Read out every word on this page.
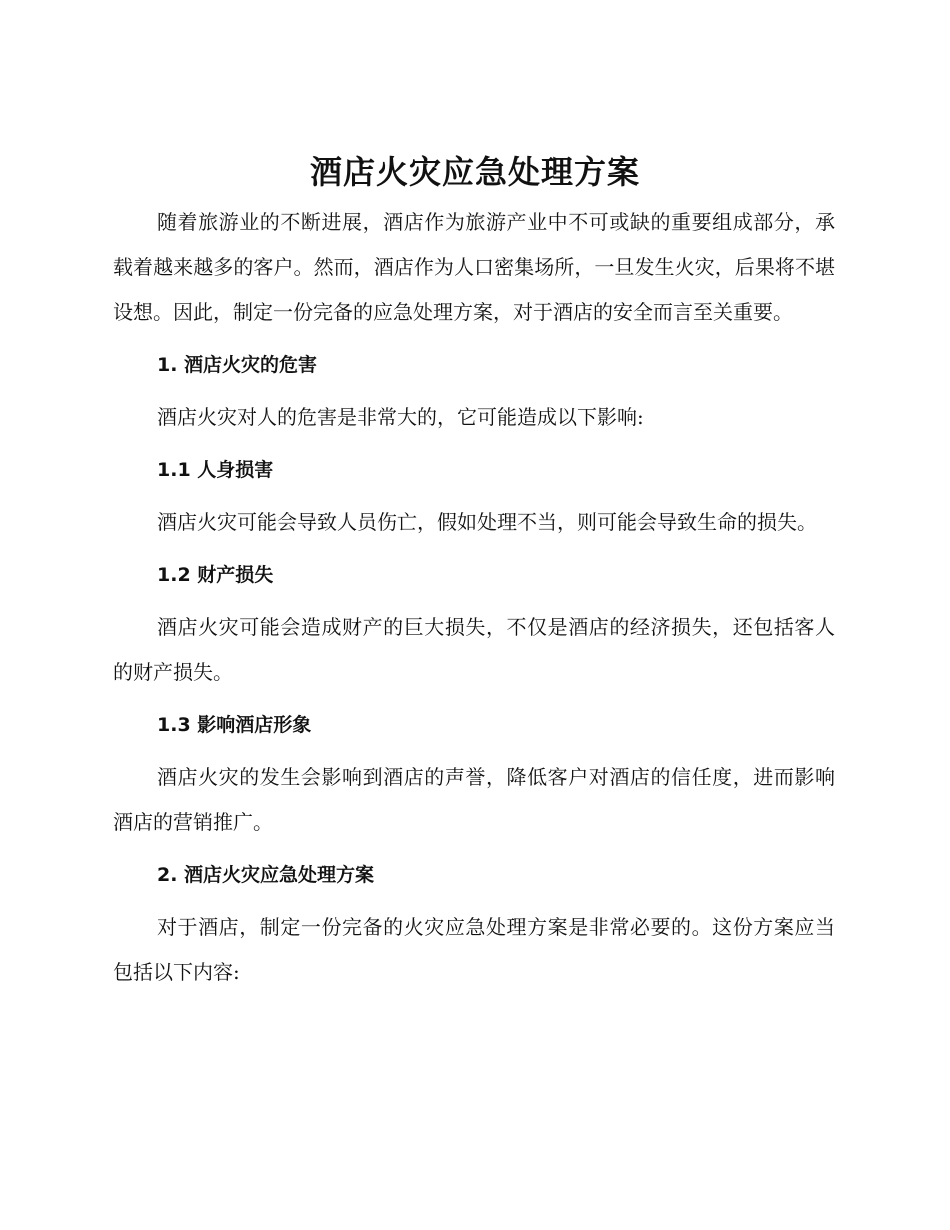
酒店火灾应急处理方案

随着旅游业的不断进展，酒店作为旅游产业中不可或缺的重要组成部分，承载着越来越多的客户。然而，酒店作为人口密集场所，一旦发生火灾，后果将不堪设想。因此，制定一份完备的应急处理方案，对于酒店的安全而言至关重要。

1. 酒店火灾的危害

酒店火灾对人的危害是非常大的，它可能造成以下影响:

1.1 人身损害

酒店火灾可能会导致人员伤亡，假如处理不当，则可能会导致生命的损失。

1.2 财产损失

酒店火灾可能会造成财产的巨大损失，不仅是酒店的经济损失，还包括客人的财产损失。

1.3 影响酒店形象

酒店火灾的发生会影响到酒店的声誉，降低客户对酒店的信任度，进而影响酒店的营销推广。

2. 酒店火灾应急处理方案

对于酒店，制定一份完备的火灾应急处理方案是非常必要的。这份方案应当包括以下内容:
